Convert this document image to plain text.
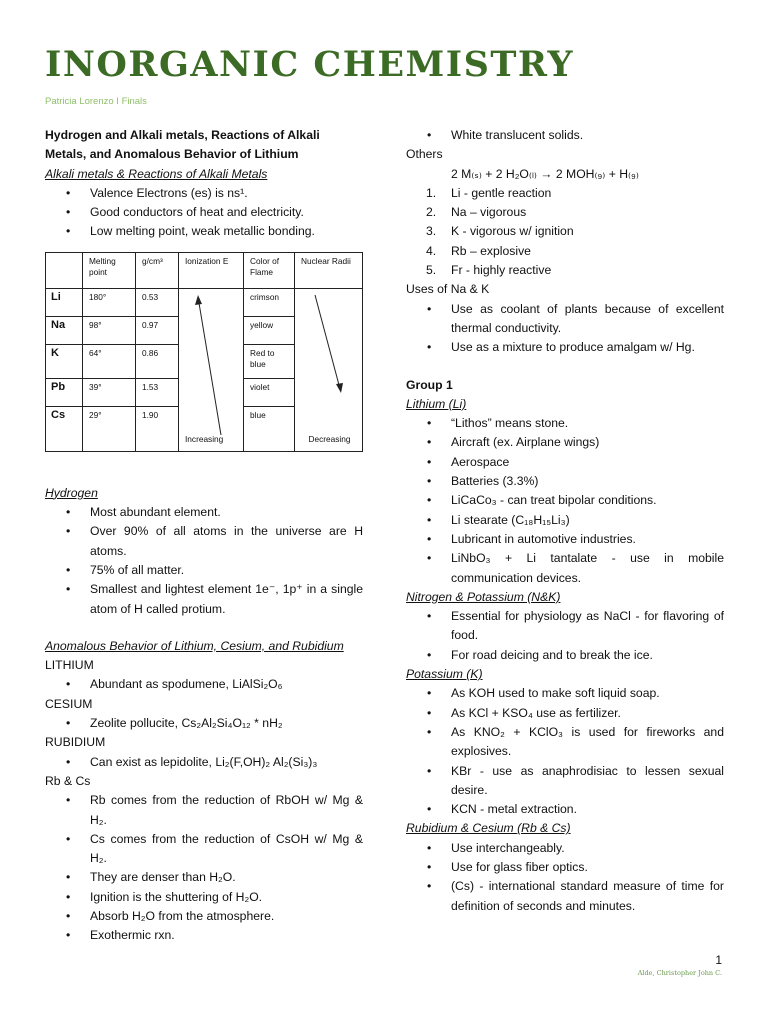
INORGANIC CHEMISTRY
Patricia Lorenzo I Finals
Hydrogen and Alkali metals, Reactions of Alkali Metals, and Anomalous Behavior of Lithium
Alkali metals & Reactions of Alkali Metals
• Valence Electrons (es) is ns¹.
• Good conductors of heat and electricity.
• Low melting point, weak metallic bonding.
	Melting point	g/cm³	Ionization E	Color of Flame	Nuclear Radii
Li	180°	0.53	Increasing	crimson	Decreasing
Na	98°	0.97		yellow	
K	64°	0.86		Red to blue	
Pb	39°	1.53		violet	
Cs	29°	1.90		blue	
Hydrogen
• Most abundant element.
• Over 90% of all atoms in the universe are H atoms.
• 75% of all matter.
• Smallest and lightest element 1e⁻, 1p⁺ in a single atom of H called protium.
Anomalous Behavior of Lithium, Cesium, and Rubidium
LITHIUM
• Abundant as spodumene, LiAlSi₂O₆
CESIUM
• Zeolite pollucite, Cs₂Al₂Si₄O₁₂ * nH₂
RUBIDIUM
• Can exist as lepidolite, Li₂(F,OH)₂ Al₂(Si₃)₃
Rb & Cs
• Rb comes from the reduction of RbOH w/ Mg & H₂.
• Cs comes from the reduction of CsOH w/ Mg & H₂.
• They are denser than H₂O.
• Ignition is the shuttering of H₂O.
• Absorb H₂O from the atmosphere.
• Exothermic rxn.
• White translucent solids.
Others
2 M₍ₛ₎ + 2 H₂O₍ₗ₎ → 2 MOH₍₉₎ + H₍₉₎
1. Li - gentle reaction
2. Na – vigorous
3. K - vigorous w/ ignition
4. Rb – explosive
5. Fr - highly reactive
Uses of Na & K
• Use as coolant of plants because of excellent thermal conductivity.
• Use as a mixture to produce amalgam w/ Hg.
Group 1
Lithium (Li)
• “Lithos” means stone.
• Aircraft (ex. Airplane wings)
• Aerospace
• Batteries (3.3%)
• LiCaCo₃ - can treat bipolar conditions.
• Li stearate (C₁₈H₁₅Li₃)
• Lubricant in automotive industries.
• LiNbO₃ + Li tantalate - use in mobile communication devices.
Nitrogen & Potassium (N&K)
• Essential for physiology as NaCl - for flavoring of food.
• For road deicing and to break the ice.
Potassium (K)
• As KOH used to make soft liquid soap.
• As KCl + KSO₄ use as fertilizer.
• As KNO₂ + KClO₃ is used for fireworks and explosives.
• KBr - use as anaphrodisiac to lessen sexual desire.
• KCN - metal extraction.
Rubidium & Cesium (Rb & Cs)
• Use interchangeably.
• Use for glass fiber optics.
• (Cs) - international standard measure of time for definition of seconds and minutes.
1
Alde, Christopher John C.
